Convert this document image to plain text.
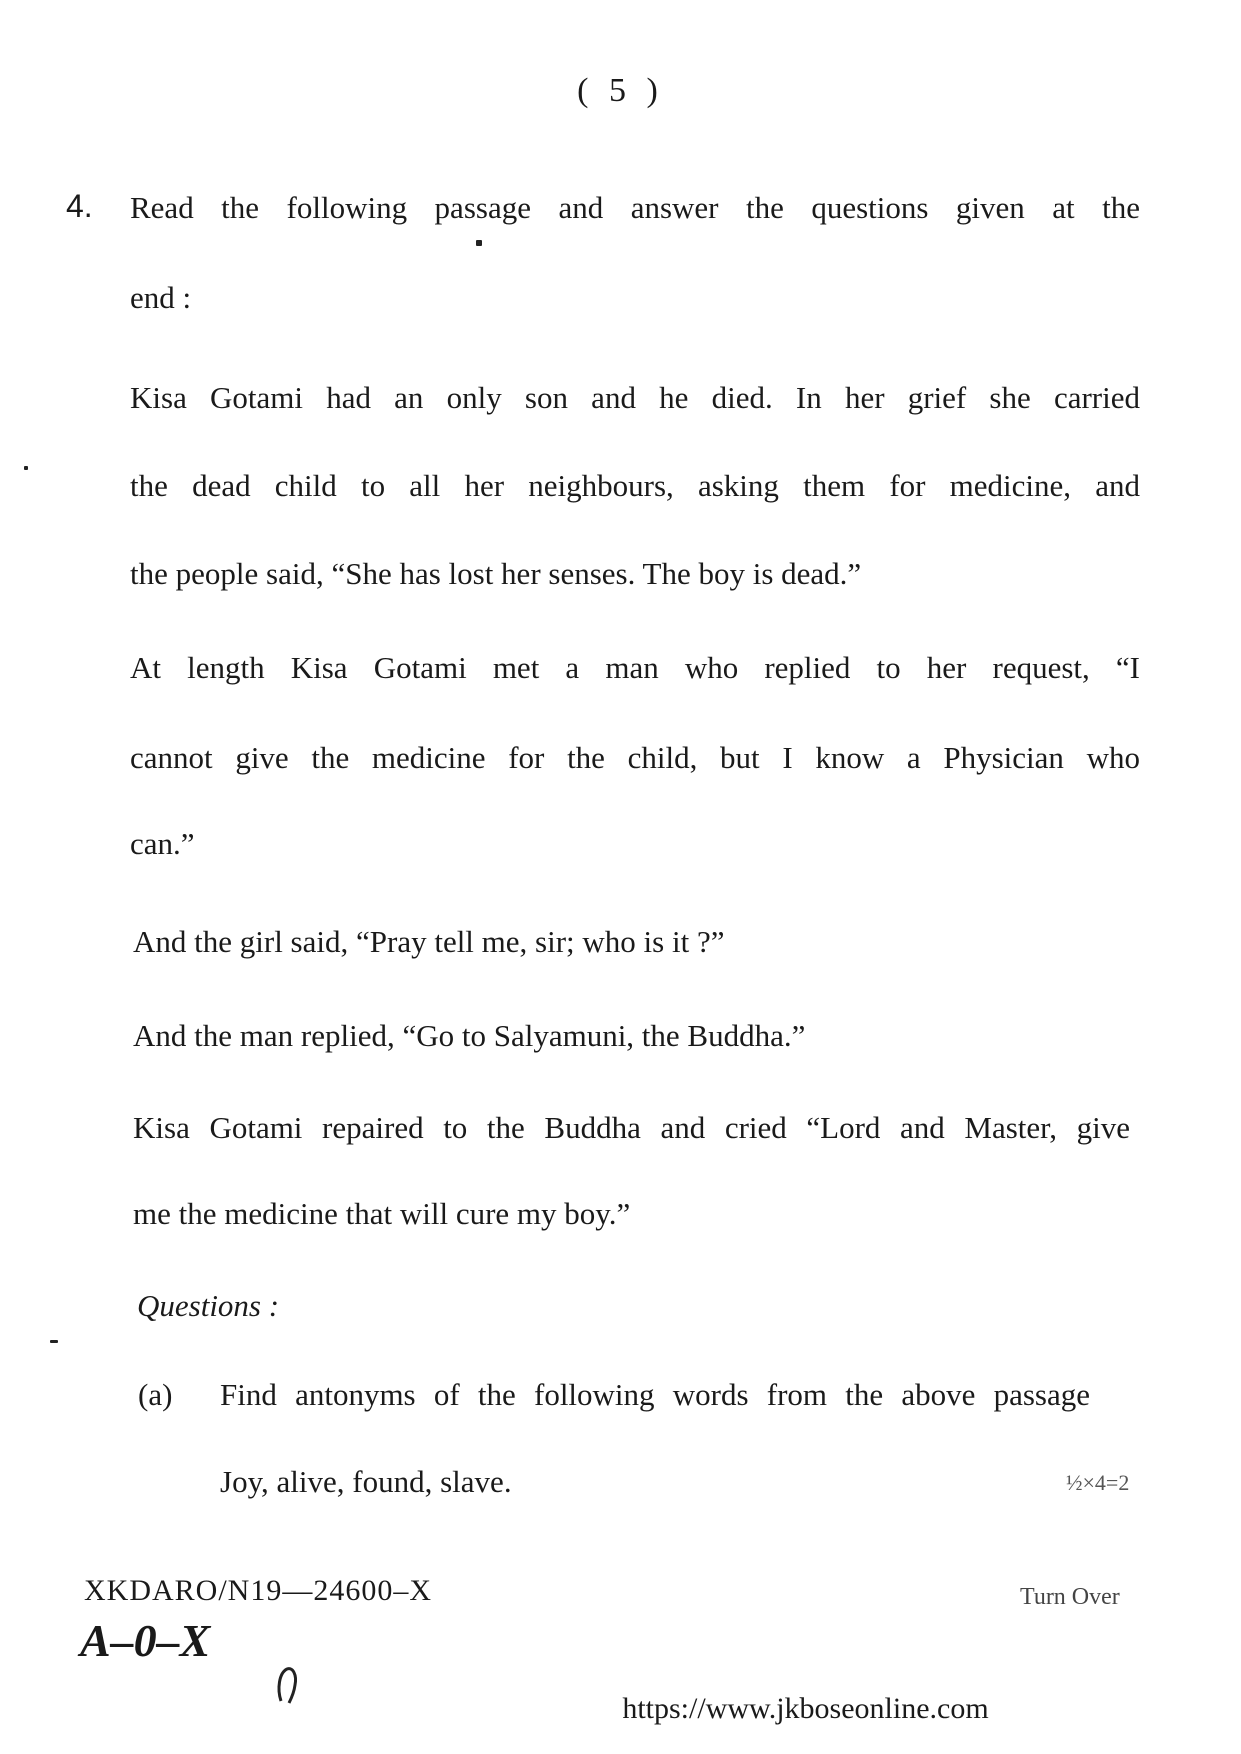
( 5 )
4. Read the following passage and answer the questions given at the
end :
Kisa Gotami had an only son and he died. In her grief she carried
the dead child to all her neighbours, asking them for medicine, and
the people said, “She has lost her senses. The boy is dead.”
At length Kisa Gotami met a man who replied to her request, “I
cannot give the medicine for the child, but I know a Physician who
can.”
And the girl said, “Pray tell me, sir; who is it ?”
And the man replied, “Go to Salyamuni, the Buddha.”
Kisa Gotami repaired to the Buddha and cried “Lord and Master, give
me the medicine that will cure my boy.”
Questions :
(a) Find antonyms of the following words from the above passage
Joy, alive, found, slave.	½×4=2
XKDARO/N19—24600–X	Turn Over
A–0–X
https://www.jkboseonline.com
